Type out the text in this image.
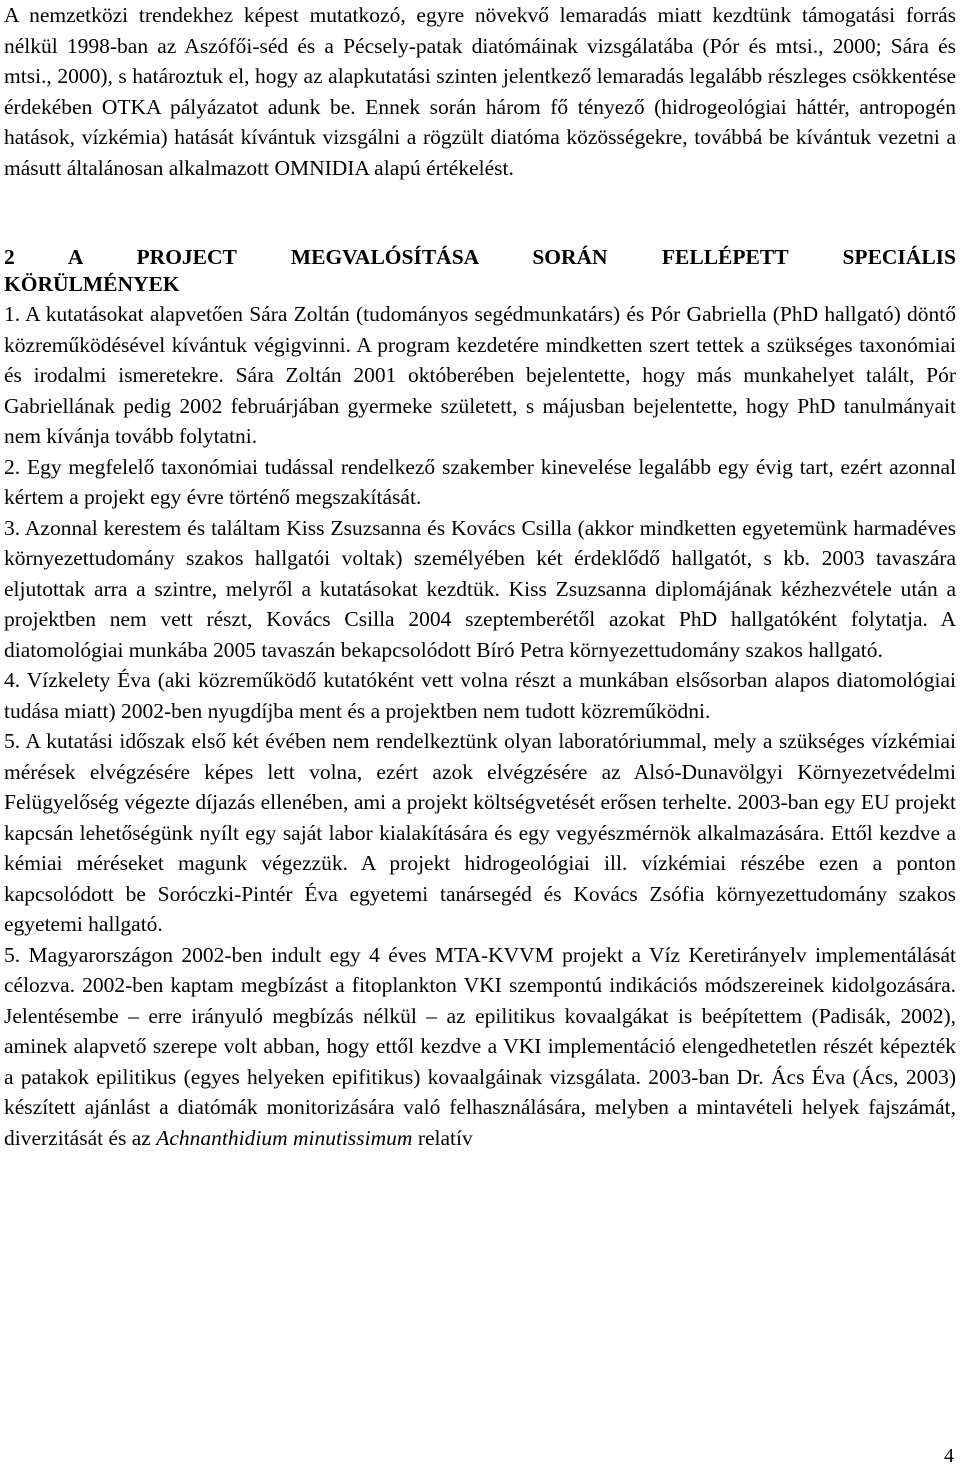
A nemzetközi trendekhez képest mutatkozó, egyre növekvő lemaradás miatt kezdtünk támogatási forrás nélkül 1998-ban az Aszófői-séd és a Pécsely-patak diatómáinak vizsgálatába (Pór és mtsi., 2000; Sára és mtsi., 2000), s határoztuk el, hogy az alapkutatási szinten jelentkező lemaradás legalább részleges csökkentése érdekében OTKA pályázatot adunk be. Ennek során három fő tényező (hidrogeológiai háttér, antropogén hatások, vízkémia) hatását kívántuk vizsgálni a rögzült diatóma közösségekre, továbbá be kívántuk vezetni a másutt általánosan alkalmazott OMNIDIA alapú értékelést.

2 A PROJECT MEGVALÓSÍTÁSA SORÁN FELLÉPETT SPECIÁLIS
KÖRÜLMÉNYEK

1. A kutatásokat alapvetően Sára Zoltán (tudományos segédmunkatárs) és Pór Gabriella (PhD hallgató) döntő közreműködésével kívántuk végigvinni. A program kezdetére mindketten szert tettek a szükséges taxonómiai és irodalmi ismeretekre. Sára Zoltán 2001 októberében bejelentette, hogy más munkahelyet talált, Pór Gabriellának pedig 2002 februárjában gyermeke született, s májusban bejelentette, hogy PhD tanulmányait nem kívánja tovább folytatni.

2. Egy megfelelő taxonómiai tudással rendelkező szakember kinevelése legalább egy évig tart, ezért azonnal kértem a projekt egy évre történő megszakítását.

3. Azonnal kerestem és találtam Kiss Zsuzsanna és Kovács Csilla (akkor mindketten egyetemünk harmadéves környezettudomány szakos hallgatói voltak) személyében két érdeklődő hallgatót, s kb. 2003 tavaszára eljutottak arra a szintre, melyről a kutatásokat kezdtük. Kiss Zsuzsanna diplomájának kézhezvétele után a projektben nem vett részt, Kovács Csilla 2004 szeptemberétől azokat PhD hallgatóként folytatja. A diatomológiai munkába 2005 tavaszán bekapcsolódott Bíró Petra környezettudomány szakos hallgató.

4. Vízkelety Éva (aki közreműködő kutatóként vett volna részt a munkában elsősorban alapos diatomológiai tudása miatt) 2002-ben nyugdíjba ment és a projektben nem tudott közreműködni.

5. A kutatási időszak első két évében nem rendelkeztünk olyan laboratóriummal, mely a szükséges vízkémiai mérések elvégzésére képes lett volna, ezért azok elvégzésére az Alsó-Dunavölgyi Környezetvédelmi Felügyelőség végezte díjazás ellenében, ami a projekt költségvetését erősen terhelte. 2003-ban egy EU projekt kapcsán lehetőségünk nyílt egy saját labor kialakítására és egy vegyészmérnök alkalmazására. Ettől kezdve a kémiai méréseket magunk végezzük. A projekt hidrogeológiai ill. vízkémiai részébe ezen a ponton kapcsolódott be Soróczki-Pintér Éva egyetemi tanársegéd és Kovács Zsófia környezettudomány szakos egyetemi hallgató.

5. Magyarországon 2002-ben indult egy 4 éves MTA-KVVM projekt a Víz Keretirányelv implementálását célozva. 2002-ben kaptam megbízást a fitoplankton VKI szempontú indikációs módszereinek kidolgozására. Jelentésembe – erre irányuló megbízás nélkül – az epilitikus kovaalgákat is beépítettem (Padisák, 2002), aminek alapvető szerepe volt abban, hogy ettől kezdve a VKI implementáció elengedhetetlen részét képezték a patakok epilitikus (egyes helyeken epifitikus) kovaalgáinak vizsgálata. 2003-ban Dr. Ács Éva (Ács, 2003) készített ajánlást a diatómák monitorizására való felhasználására, melyben a mintavételi helyek fajszámát, diverzitását és az Achnanthidium minutissimum relatív

4
